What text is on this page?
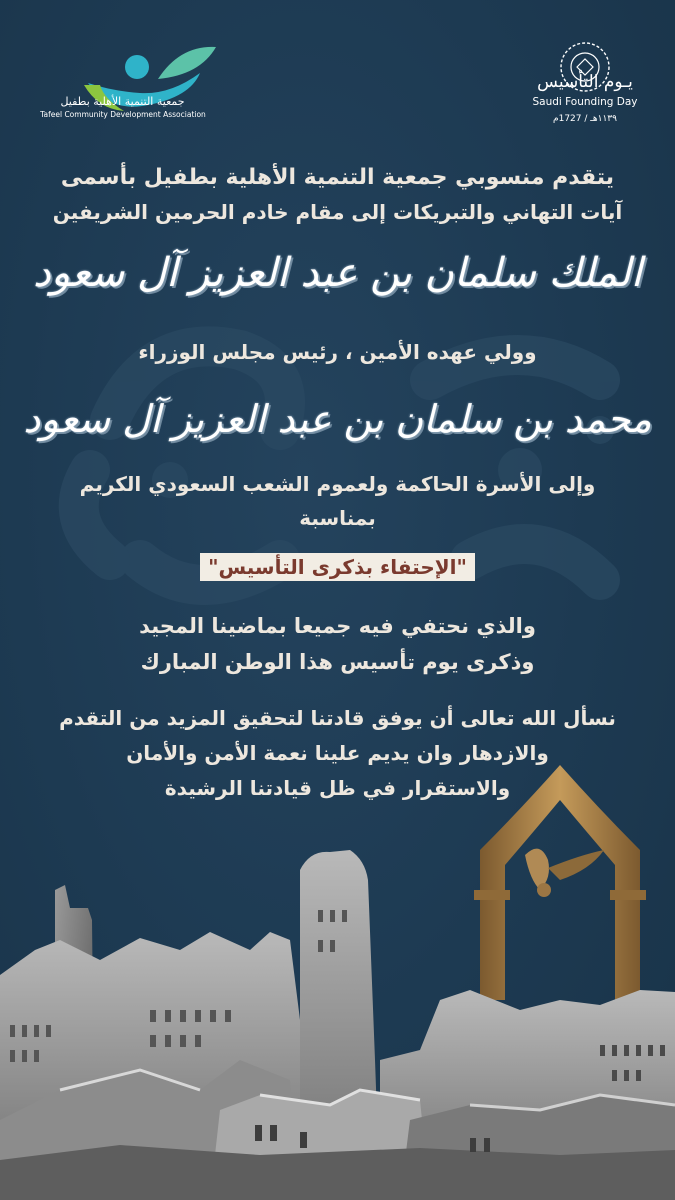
جمعية التنمية الأهلية بطفيل
Tafeel Community Development Association
يـوم التأسيس
Saudi Founding Day
١١٣٩هـ / 1727م
يتقدم منسوبي جمعية التنمية الأهلية بطفيل بأسمى
آيات التهاني والتبريكات إلى مقام خادم الحرمين الشريفين
الملك سلمان بن عبد العزيز آل سعود
وولي عهده الأمين ، رئيس مجلس الوزراء
محمد بن سلمان بن عبد العزيز آل سعود
وإلى الأسرة الحاكمة ولعموم الشعب السعودي الكريم
بمناسبة
"الإحتفاء بذكرى التأسيس"
والذي نحتفي فيه جميعا بماضينا المجيد
وذكرى يوم تأسيس هذا الوطن المبارك
نسأل الله تعالى أن يوفق قادتنا لتحقيق المزيد من التقدم
والازدهار وان يديم علينا نعمة الأمن والأمان
والاستقرار في ظل قيادتنا الرشيدة
